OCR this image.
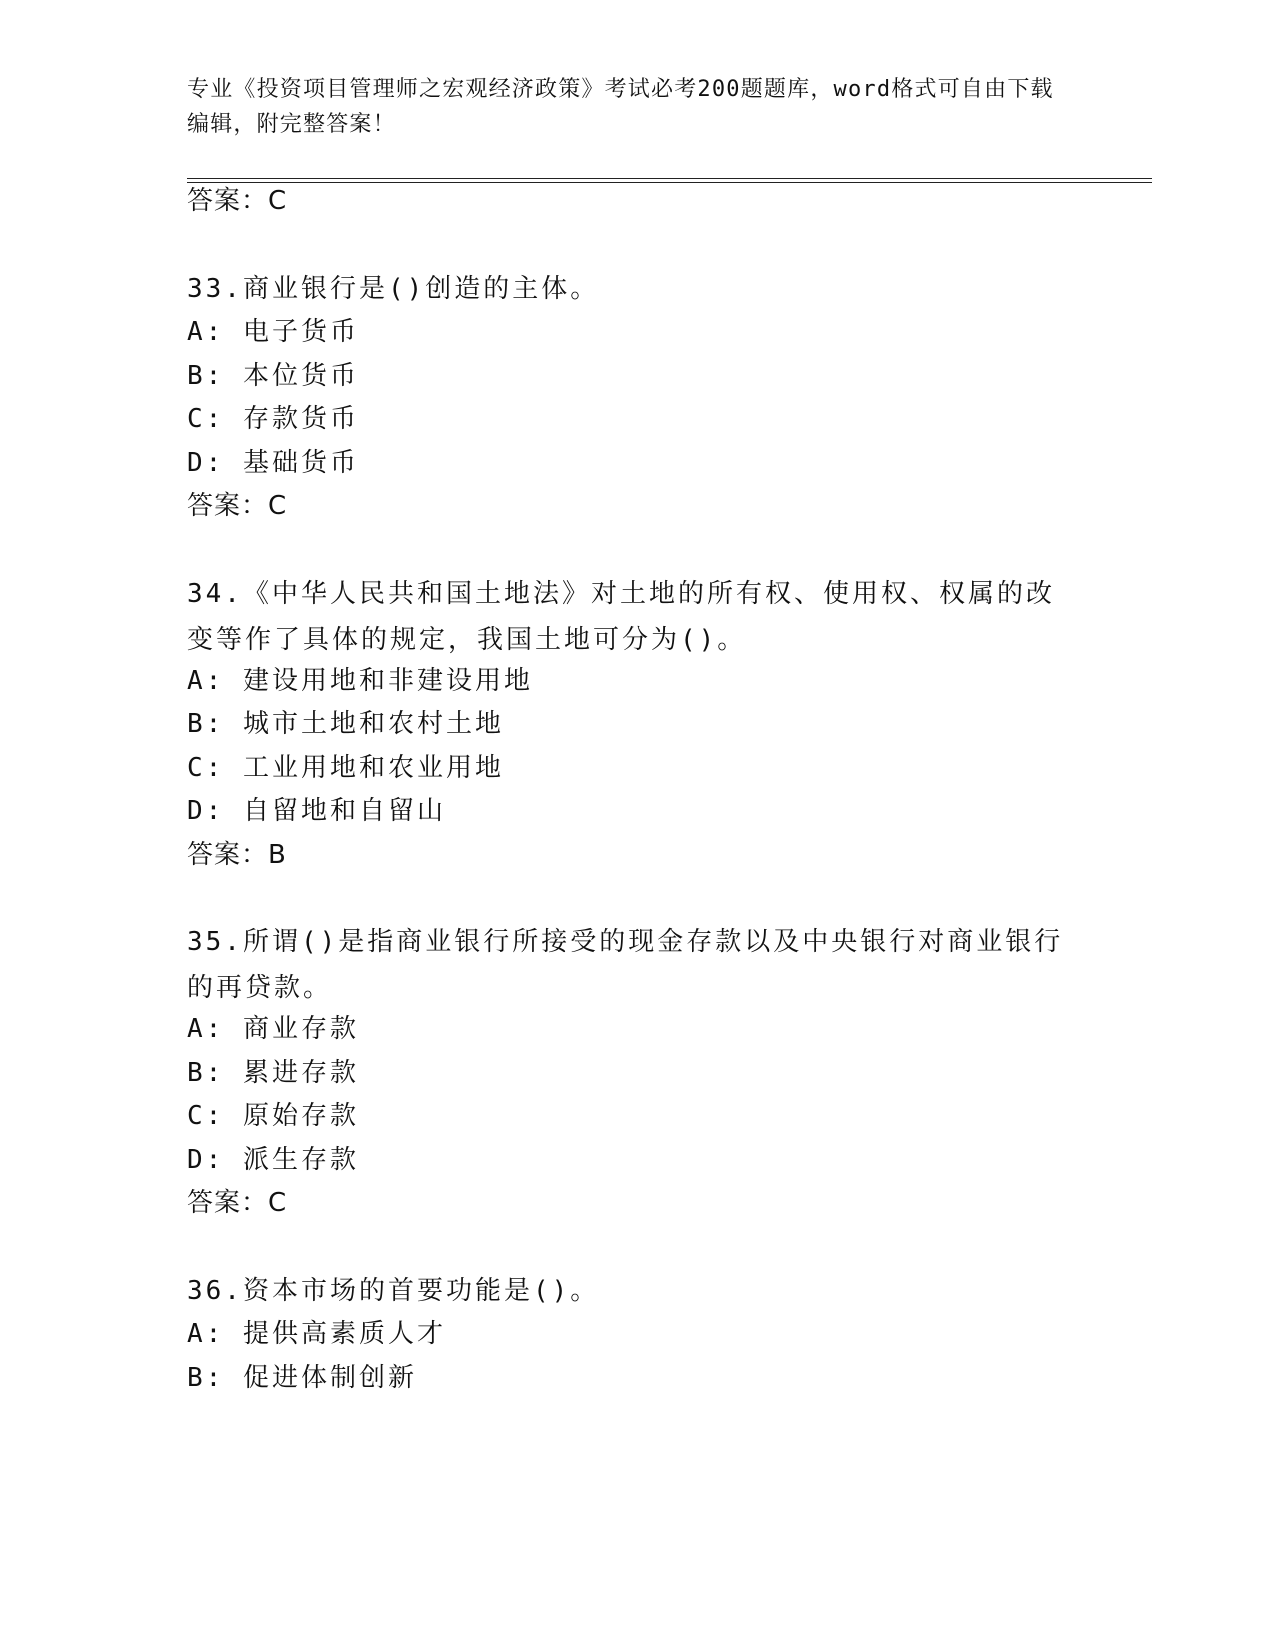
专业《投资项目管理师之宏观经济政策》考试必考200题题库，word格式可自由下载编辑，附完整答案！
答案：C
33.商业银行是()创造的主体。
A: 电子货币
B: 本位货币
C: 存款货币
D: 基础货币
答案：C
34.《中华人民共和国土地法》对土地的所有权、使用权、权属的改变等作了具体的规定，我国土地可分为()。
A: 建设用地和非建设用地
B: 城市土地和农村土地
C: 工业用地和农业用地
D: 自留地和自留山
答案：B
35.所谓()是指商业银行所接受的现金存款以及中央银行对商业银行的再贷款。
A: 商业存款
B: 累进存款
C: 原始存款
D: 派生存款
答案：C
36.资本市场的首要功能是()。
A: 提供高素质人才
B: 促进体制创新
